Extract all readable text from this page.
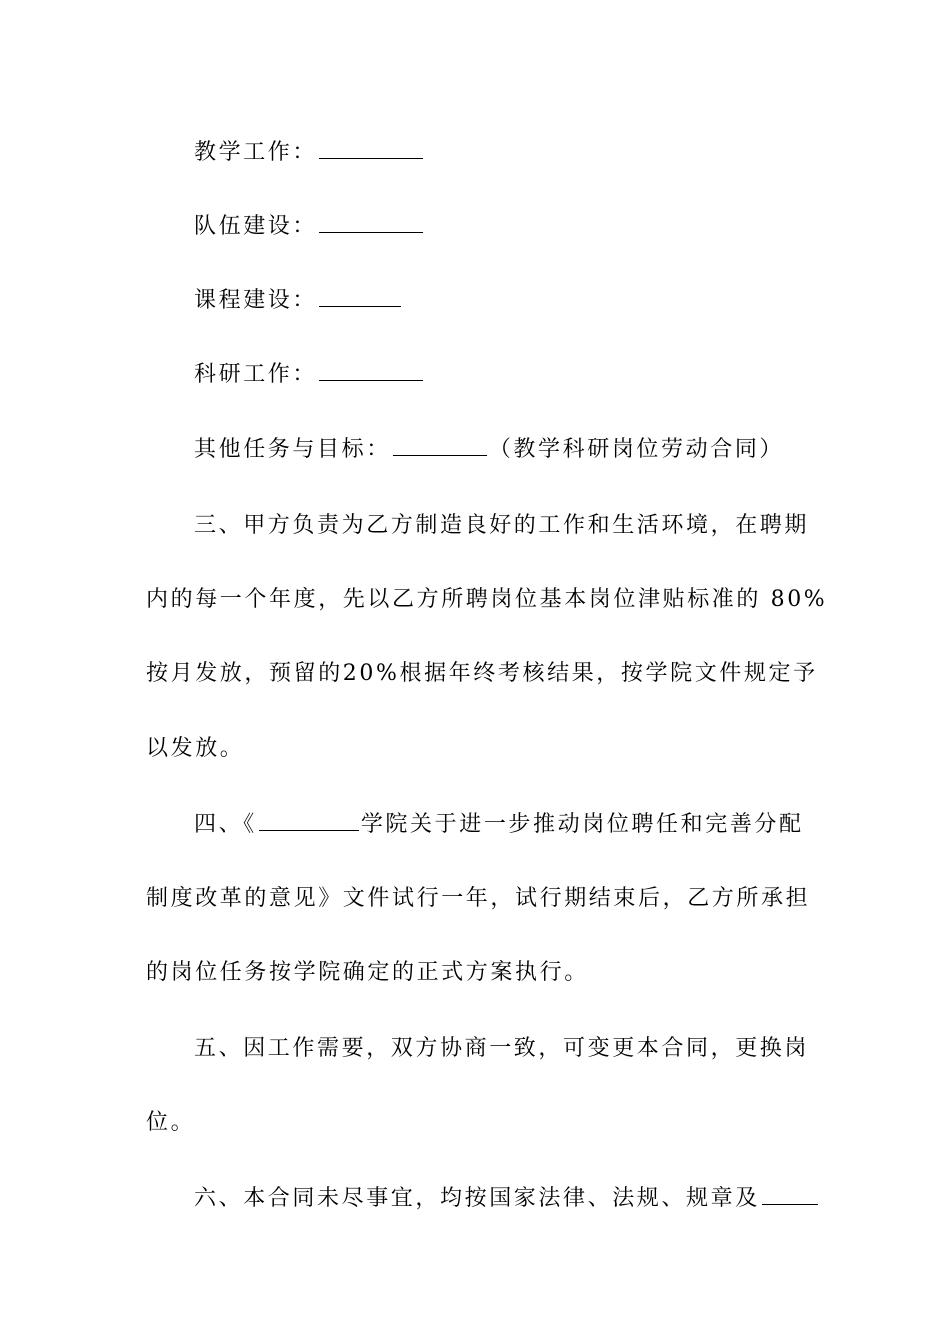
教学工作：
队伍建设：
课程建设：
科研工作：
其他任务与目标：	（教学科研岗位劳动合同）
三、甲方负责为乙方制造良好的工作和生活环境，在聘期
内的每一个年度，先以乙方所聘岗位基本岗位津贴标准的 80%
按月发放，预留的20%根据年终考核结果，按学院文件规定予
以发放。
四、《	学院关于进一步推动岗位聘任和完善分配
制度改革的意见》文件试行一年，试行期结束后，乙方所承担
的岗位任务按学院确定的正式方案执行。
五、因工作需要，双方协商一致，可变更本合同，更换岗
位。
六、本合同未尽事宜，均按国家法律、法规、规章及
